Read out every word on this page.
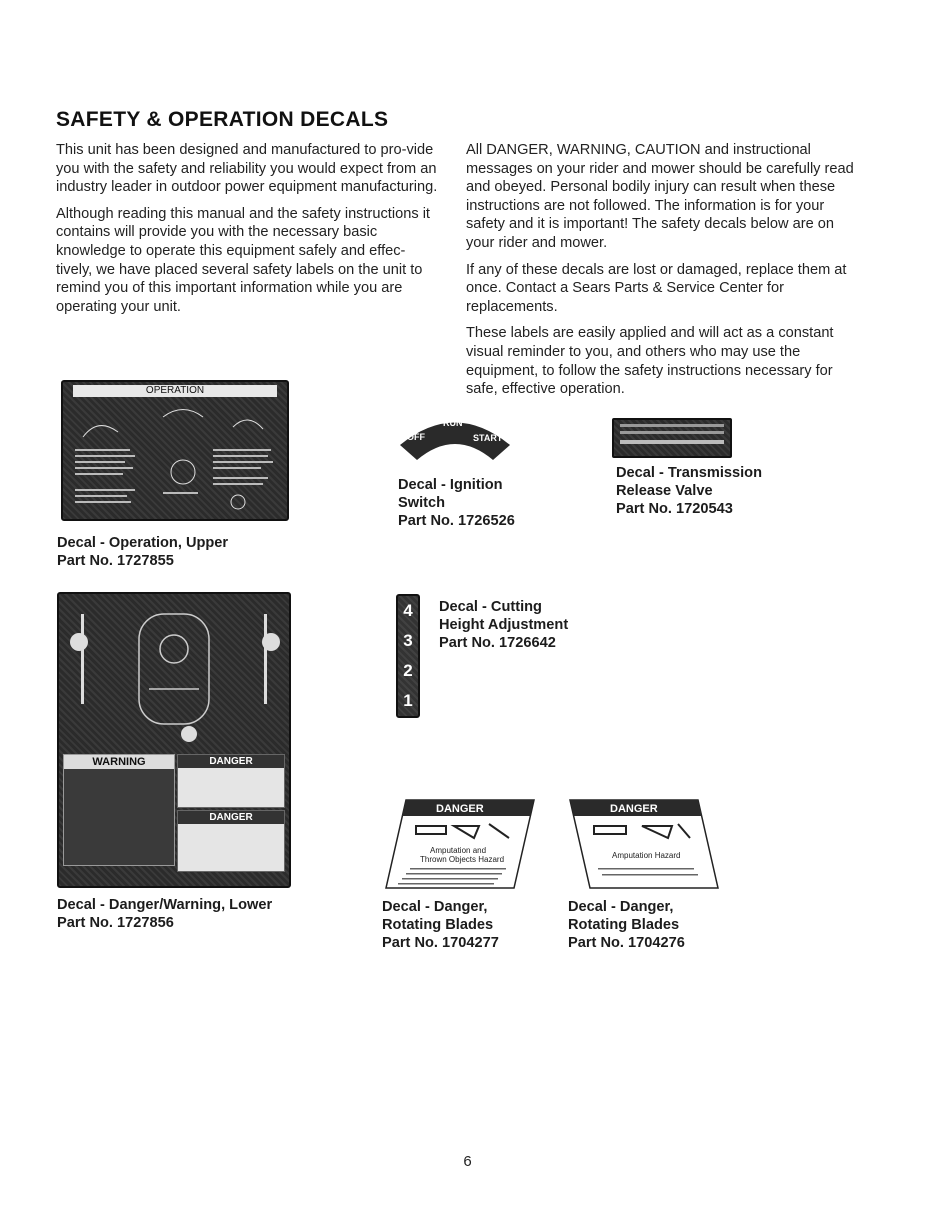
SAFETY & OPERATION DECALS

This unit has been designed and manufactured to pro-vide you with the safety and reliability you would expect from an industry leader in outdoor power equipment manufacturing.

Although reading this manual and the safety instructions it contains will provide you with the necessary basic knowledge to operate this equipment safely and effec-tively, we have placed several safety labels on the unit to remind you of this important information while you are operating your unit.

All DANGER, WARNING, CAUTION and instructional messages on your rider and mower should be carefully read and obeyed. Personal bodily injury can result when these instructions are not followed. The information is for your safety and it is important! The safety decals below are on your rider and mower.

If any of these decals are lost or damaged, replace them at once. Contact a Sears Parts & Service Center for replacements.

These labels are easily applied and will act as a constant visual reminder to you, and others who may use the equipment, to follow the safety instructions necessary for safe, effective operation.

OPERATION
Decal - Operation, Upper
Part No. 1727855
OFF
RUN
START
Decal - Ignition
Switch
Part No. 1726526
Decal - Transmission
Release Valve
Part No. 1720543
4
3
2
1
Decal - Cutting
Height Adjustment
Part No. 1726642
WARNING	DANGER
DANGER
Decal - Danger/Warning, Lower
Part No. 1727856
DANGER
Amputation and
Thrown Objects Hazard
Decal - Danger,
Rotating Blades
Part No. 1704277
DANGER
Amputation Hazard
Decal - Danger,
Rotating Blades
Part No. 1704276
6
